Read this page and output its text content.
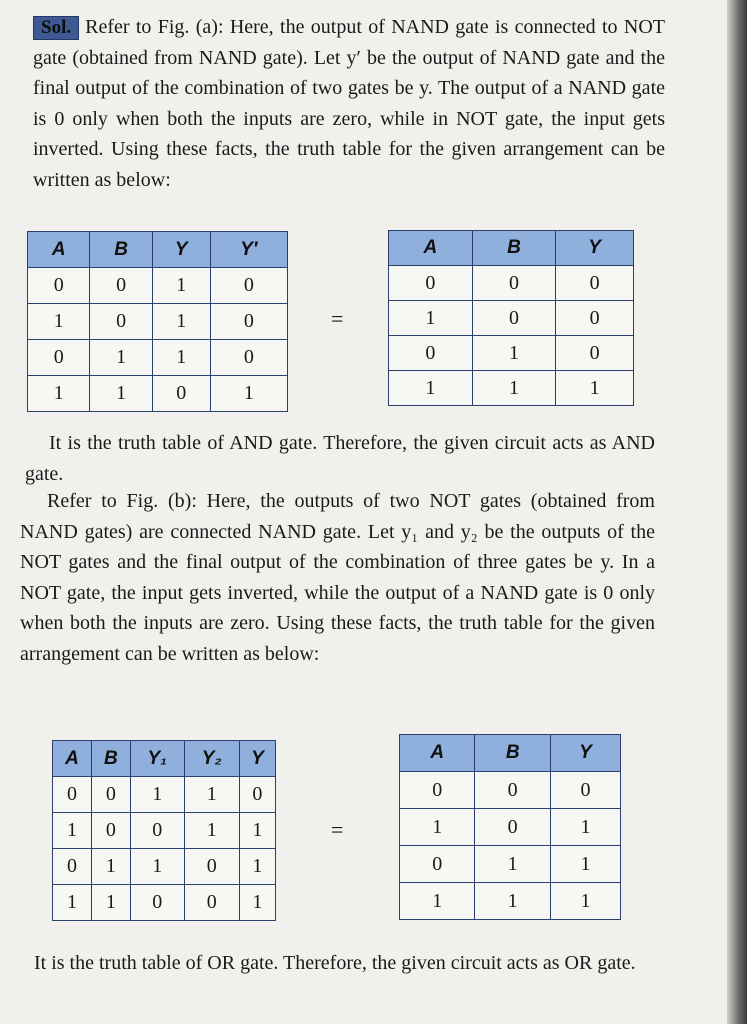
Sol. Refer to Fig. (a): Here, the output of NAND gate is connected to NOT gate (obtained from NAND gate). Let y′ be the output of NAND gate and the final output of the combination of two gates be y. The output of a NAND gate is 0 only when both the inputs are zero, while in NOT gate, the input gets inverted. Using these facts, the truth table for the given arrangement can be written as below:

A	B	Y	Y′
0	0	1	0
1	0	1	0
0	1	1	0
1	1	0	1
=
A	B	Y
0	0	0
1	0	0
0	1	0
1	1	1

It is the truth table of AND gate. Therefore, the given circuit acts as AND gate.

Refer to Fig. (b): Here, the outputs of two NOT gates (obtained from NAND gates) are connected NAND gate. Let y₁ and y₂ be the outputs of the NOT gates and the final output of the combination of three gates be y. In a NOT gate, the input gets inverted, while the output of a NAND gate is 0 only when both the inputs are zero. Using these facts, the truth table for the given arrangement can be written as below:

A	B	Y₁	Y₂	Y
0	0	1	1	0
1	0	0	1	1
0	1	1	0	1
1	1	0	0	1
=
A	B	Y
0	0	0
1	0	1
0	1	1
1	1	1

It is the truth table of OR gate. Therefore, the given circuit acts as OR gate.
